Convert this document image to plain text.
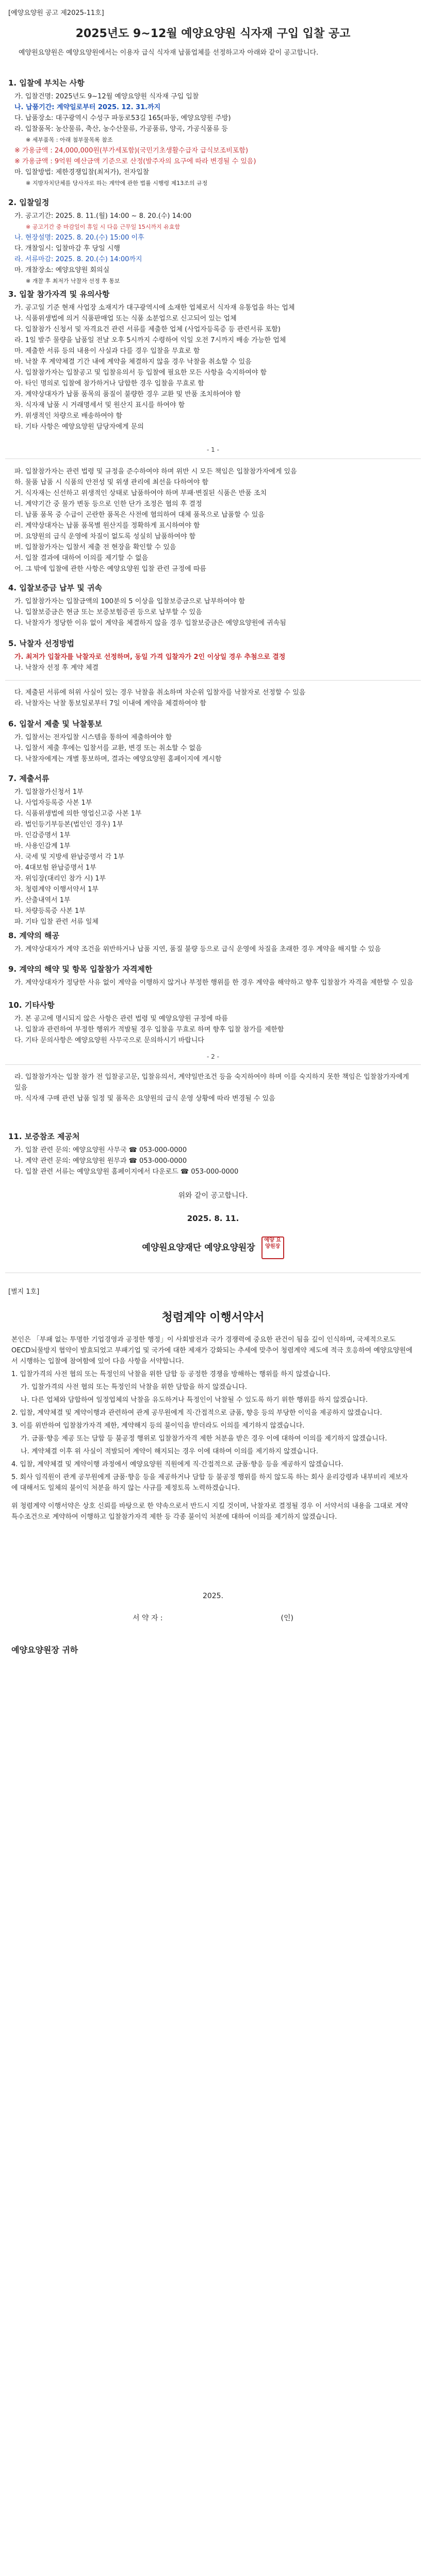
[예양요양원 공고 제2025-11호]
2025년도 9~12월 예양요양원 식자재 구입 입찰 공고
예양원요양원은 예양요양원에서는 이용자 급식 식자재 납품업체를 선정하고자 아래와 같이 공고합니다.
1. 입찰에 부치는 사항
가. 입찰건명: 2025년도 9~12월 예양요양원 식자재 구입 입찰
나. 납품기간: 계약일로부터 2025. 12. 31.까지
다. 납품장소: 대구광역시 수성구 파동로53길 165(파동, 예양요양원 주방)
라. 입찰품목: 농산물류, 축산, 농수산물류, 가공품류, 양곡, 가공식품류 등
※ 세부품목 : 아래 첨부물목록 참조
※ 가용금액 : 24,000,000원(부가세포함)(국민기초생활수급자 급식보조비포함)
※ 가용금액 : 9억원 예산금액 기준으로 산정(발주자의 요구에 따라 변경될 수 있음)
마. 입찰방법: 제한경쟁입찰(최저가), 전자입찰
※ 지방자치단체를 당사자로 하는 계약에 관한 법률 시행령 제13조의 규정
2. 입찰일정
가. 공고기간: 2025. 8. 11.(월) 14:00 ~ 8. 20.(수) 14:00
※ 공고기간 중 마감일이 휴일 시 다음 근무일 15시까지 유효함
나. 현장설명: 2025. 8. 20.(수) 15:00 이후
다. 개찰일시: 입찰마감 후 당일 시행
라. 서류마감: 2025. 8. 20.(수) 14:00까지
마. 개찰장소: 예양요양원 회의실
※ 개찰 후 최저가 낙찰자 선정 후 통보
3. 입찰 참가자격 및 유의사항
가. 공고일 기준 현재 사업장 소재지가 대구광역시에 소재한 업체로서 식자재 유통업을 하는 업체
나. 식품위생법에 의거 식품판매업 또는 식품 소분업으로 신고되어 있는 업체
다. 입찰참가 신청서 및 자격요건 관련 서류를 제출한 업체 (사업자등록증 등 관련서류 포함)
라. 1일 발주 물량을 납품일 전날 오후 5시까지 수령하여 익일 오전 7시까지 배송 가능한 업체
마. 제출한 서류 등의 내용이 사실과 다를 경우 입찰을 무효로 함
바. 낙찰 후 계약체결 기간 내에 계약을 체결하지 않을 경우 낙찰을 취소할 수 있음
사. 입찰참가자는 입찰공고 및 입찰유의서 등 입찰에 필요한 모든 사항을 숙지하여야 함
아. 타인 명의로 입찰에 참가하거나 담합한 경우 입찰을 무효로 함
자. 계약상대자가 납품 품목의 품질이 불량한 경우 교환 및 반품 조치하여야 함
차. 식자재 납품 시 거래명세서 및 원산지 표시를 하여야 함
카. 위생적인 차량으로 배송하여야 함
타. 기타 사항은 예양요양원 담당자에게 문의
- 1 -
파. 입찰참가자는 관련 법령 및 규정을 준수하여야 하며 위반 시 모든 책임은 입찰참가자에게 있음
하. 물품 납품 시 식품의 안전성 및 위생 관리에 최선을 다하여야 함
거. 식자재는 신선하고 위생적인 상태로 납품하여야 하며 부패·변질된 식품은 반품 조치
너. 계약기간 중 물가 변동 등으로 인한 단가 조정은 협의 후 결정
더. 납품 품목 중 수급이 곤란한 품목은 사전에 협의하여 대체 품목으로 납품할 수 있음
러. 계약상대자는 납품 품목별 원산지를 정확하게 표시하여야 함
머. 요양원의 급식 운영에 차질이 없도록 성실히 납품하여야 함
버. 입찰참가자는 입찰서 제출 전 현장을 확인할 수 있음
서. 입찰 결과에 대하여 이의를 제기할 수 없음
어. 그 밖에 입찰에 관한 사항은 예양요양원 입찰 관련 규정에 따름
4. 입찰보증금 납부 및 귀속
가. 입찰참가자는 입찰금액의 100분의 5 이상을 입찰보증금으로 납부하여야 함
나. 입찰보증금은 현금 또는 보증보험증권 등으로 납부할 수 있음
다. 낙찰자가 정당한 이유 없이 계약을 체결하지 않을 경우 입찰보증금은 예양요양원에 귀속됨
5. 낙찰자 선정방법
가. 최저가 입찰자를 낙찰자로 선정하며, 동일 가격 입찰자가 2인 이상일 경우 추첨으로 결정
나. 낙찰자 선정 후 계약 체결
다. 제출된 서류에 허위 사실이 있는 경우 낙찰을 취소하며 차순위 입찰자를 낙찰자로 선정할 수 있음
라. 낙찰자는 낙찰 통보일로부터 7일 이내에 계약을 체결하여야 함
6. 입찰서 제출 및 낙찰통보
가. 입찰서는 전자입찰 시스템을 통하여 제출하여야 함
나. 입찰서 제출 후에는 입찰서를 교환, 변경 또는 취소할 수 없음
다. 낙찰자에게는 개별 통보하며, 결과는 예양요양원 홈페이지에 게시함
7. 제출서류
가. 입찰참가신청서 1부
나. 사업자등록증 사본 1부
다. 식품위생법에 의한 영업신고증 사본 1부
라. 법인등기부등본(법인인 경우) 1부
마. 인감증명서 1부
바. 사용인감계 1부
사. 국세 및 지방세 완납증명서 각 1부
아. 4대보험 완납증명서 1부
자. 위임장(대리인 참가 시) 1부
차. 청렴계약 이행서약서 1부
카. 산출내역서 1부
타. 차량등록증 사본 1부
파. 기타 입찰 관련 서류 일체
8. 계약의 해공
가. 계약상대자가 계약 조건을 위반하거나 납품 지연, 품질 불량 등으로 급식 운영에 차질을 초래한 경우 계약을 해지할 수 있음
9. 계약의 해약 및 항목 입찰참가 자격제한
가. 계약상대자가 정당한 사유 없이 계약을 이행하지 않거나 부정한 행위를 한 경우 계약을 해약하고 향후 입찰참가 자격을 제한할 수 있음
10. 기타사항
가. 본 공고에 명시되지 않은 사항은 관련 법령 및 예양요양원 규정에 따름
나. 입찰과 관련하여 부정한 행위가 적발될 경우 입찰을 무효로 하며 향후 입찰 참가를 제한함
다. 기타 문의사항은 예양요양원 사무국으로 문의하시기 바랍니다
- 2 -
라. 입찰참가자는 입찰 참가 전 입찰공고문, 입찰유의서, 계약일반조건 등을 숙지하여야 하며 이를 숙지하지 못한 책임은 입찰참가자에게 있음
마. 식자재 구매 관련 납품 일정 및 품목은 요양원의 급식 운영 상황에 따라 변경될 수 있음
11. 보증참조 제공처
가. 입찰 관련 문의: 예양요양원 사무국 ☎ 053-000-0000
나. 계약 관련 문의: 예양요양원 원무과 ☎ 053-000-0000
다. 입찰 관련 서류는 예양요양원 홈페이지에서 다운로드 ☎ 053-000-0000
위와 같이 공고합니다.
2025. 8. 11.
예양원요양재단 예양요양원장 예양 요양원장
[별지 1호]
청렴계약 이행서약서
본인은 「부패 없는 투명한 기업경영과 공정한 행정」이 사회발전과 국가 경쟁력에 중요한 관건이 됨을 깊이 인식하며, 국제적으로도 OECD뇌물방지 협약이 발효되었고 부패기업 및 국가에 대한 제재가 강화되는 추세에 맞추어 청렴계약 제도에 적극 호응하여 예양요양원에서 시행하는 입찰에 참여함에 있어 다음 사항을 서약합니다.
1. 입찰가격의 사전 협의 또는 특정인의 낙찰을 위한 담합 등 공정한 경쟁을 방해하는 행위를 하지 않겠습니다.
가. 입찰가격의 사전 협의 또는 특정인의 낙찰을 위한 담합을 하지 않겠습니다.
나. 다른 업체와 담합하여 일정업체의 낙찰을 유도하거나 특정인이 낙찰될 수 있도록 하기 위한 행위를 하지 않겠습니다.
2. 입찰, 계약체결 및 계약이행과 관련하여 관계 공무원에게 직·간접적으로 금품, 향응 등의 부당한 이익을 제공하지 않겠습니다.
3. 이를 위반하여 입찰참가자격 제한, 계약해지 등의 불이익을 받더라도 이의를 제기하지 않겠습니다.
가. 금품·향응 제공 또는 담합 등 불공정 행위로 입찰참가자격 제한 처분을 받은 경우 이에 대하여 이의를 제기하지 않겠습니다.
나. 계약체결 이후 위 사실이 적발되어 계약이 해지되는 경우 이에 대하여 이의를 제기하지 않겠습니다.
4. 입찰, 계약체결 및 계약이행 과정에서 예양요양원 직원에게 직·간접적으로 금품·향응 등을 제공하지 않겠습니다.
5. 회사 임직원이 관계 공무원에게 금품·향응 등을 제공하거나 담합 등 불공정 행위를 하지 않도록 하는 회사 윤리강령과 내부비리 제보자에 대해서도 일체의 불이익 처분을 하지 않는 사규를 제정토록 노력하겠습니다.
위 청렴계약 이행서약은 상호 신뢰를 바탕으로 한 약속으로서 반드시 지킬 것이며, 낙찰자로 결정될 경우 이 서약서의 내용을 그대로 계약특수조건으로 계약하여 이행하고 입찰참가자격 제한 등 각종 불이익 처분에 대하여 이의를 제기하지 않겠습니다.
2025.
서 약 자 :	(인)
예양요양원장 귀하
